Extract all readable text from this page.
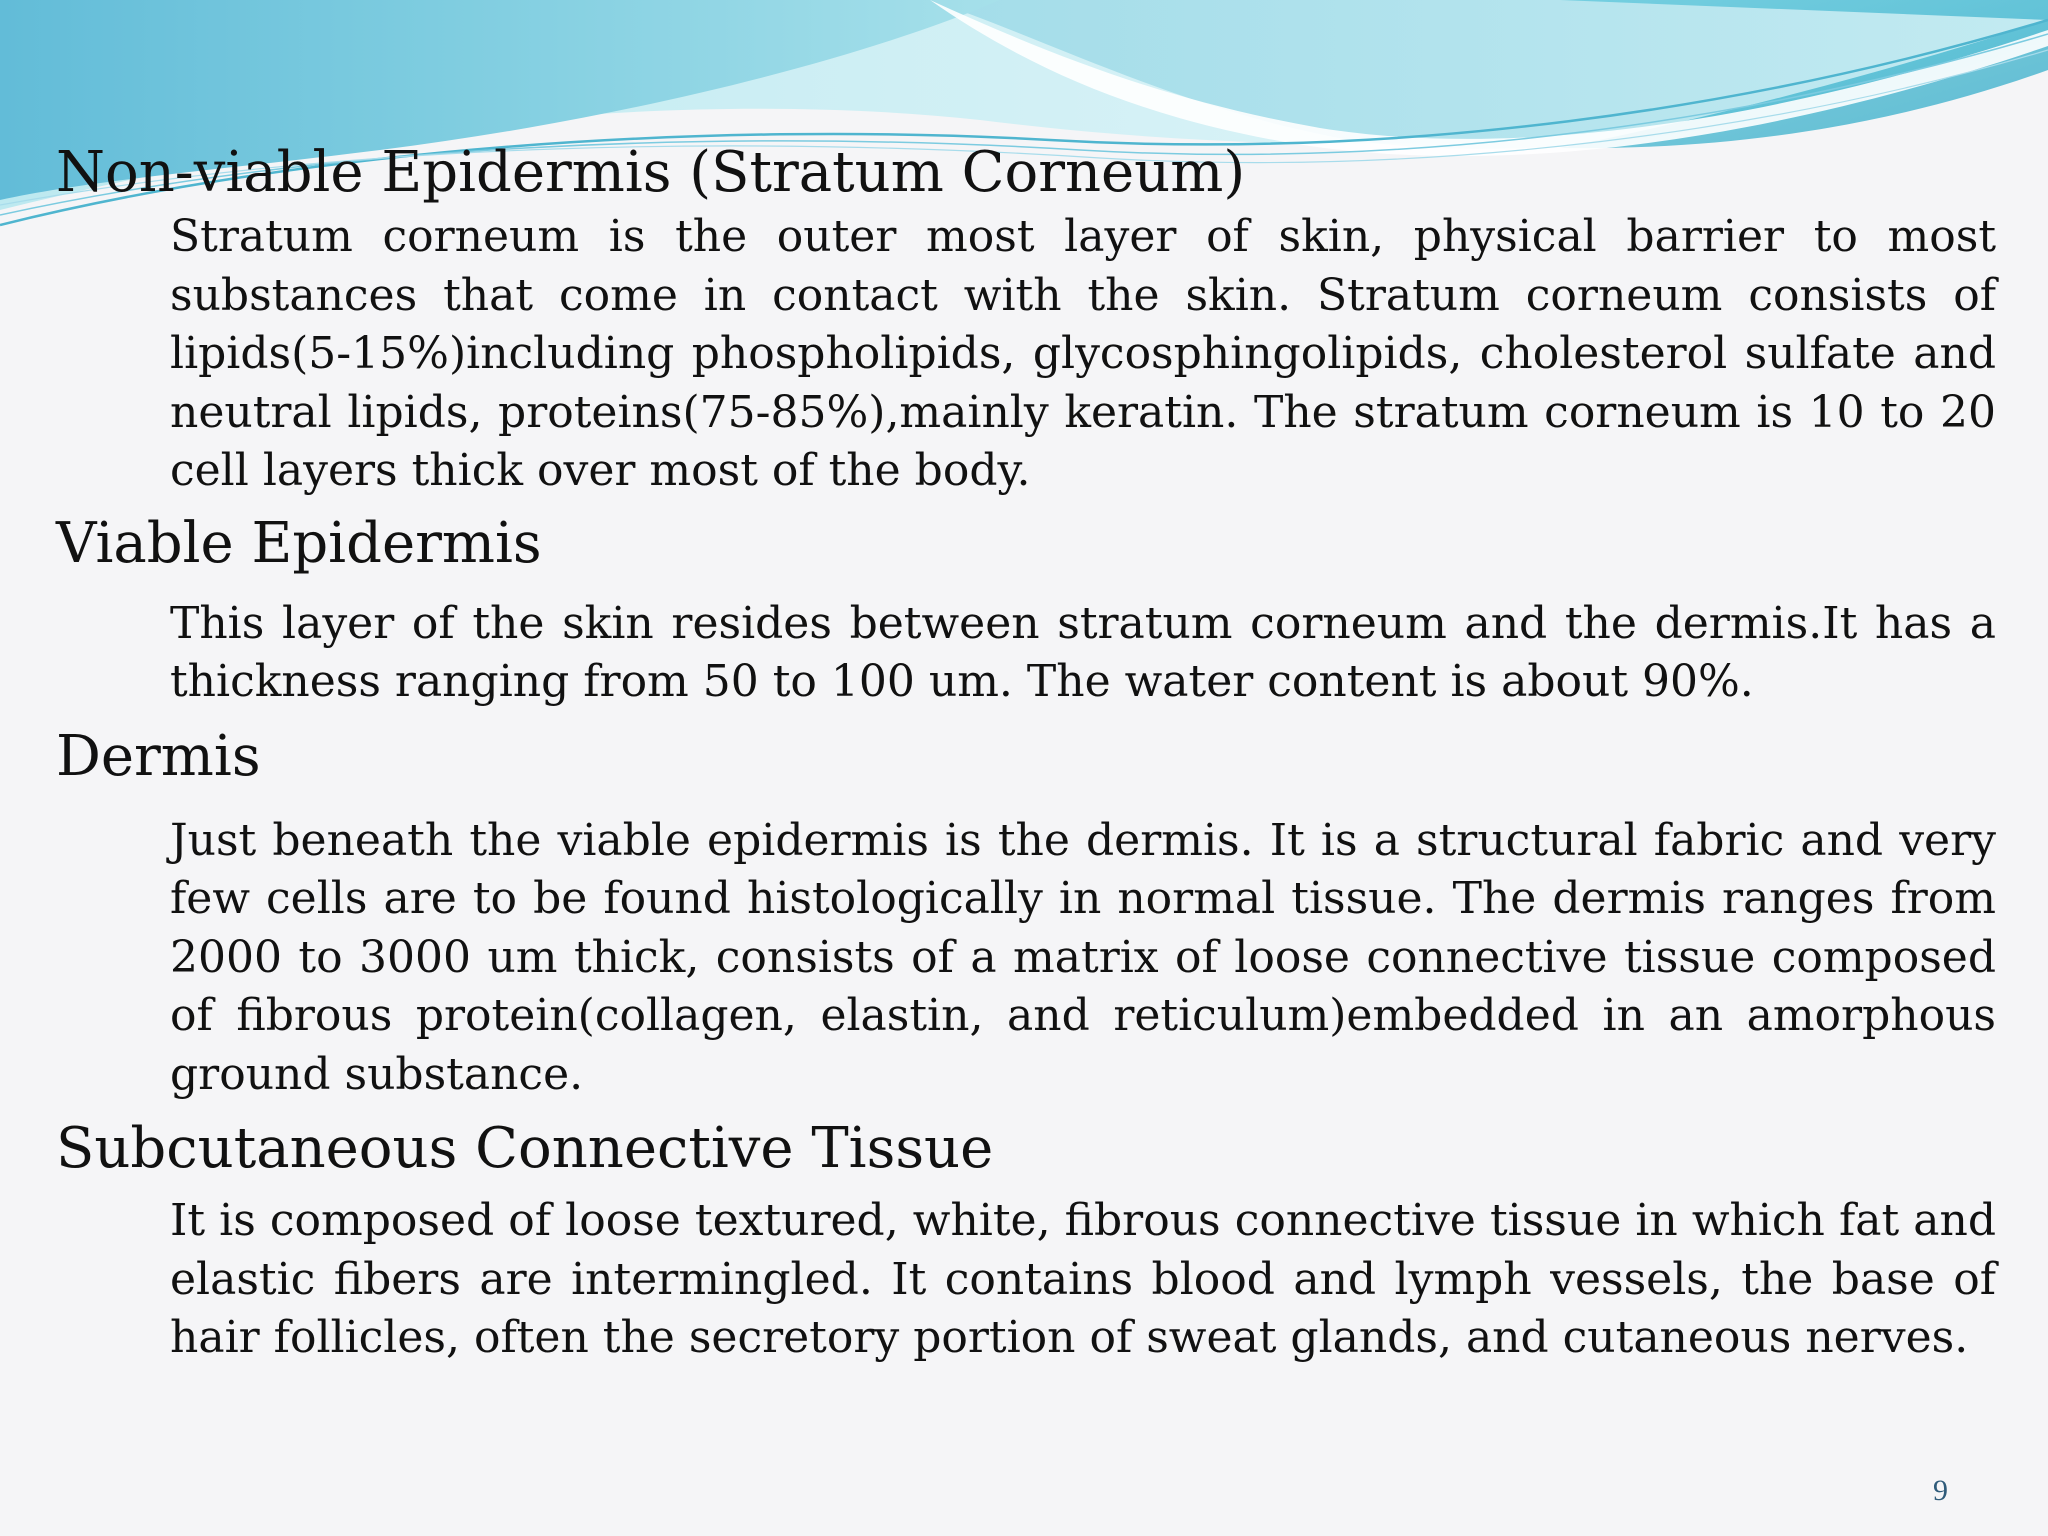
Non-viable Epidermis (Stratum Corneum)

Stratum corneum is the outer most layer of skin, physical barrier to most substances that come in contact with the skin. Stratum corneum consists of lipids(5-15%)including phospholipids, glycosphingolipids, cholesterol sulfate and neutral lipids, proteins(75-85%),mainly keratin. The stratum corneum is 10 to 20 cell layers thick over most of the body.

Viable Epidermis

This layer of the skin resides between stratum corneum and the dermis.It has a thickness ranging from 50 to 100 um. The water content is about 90%.

Dermis

Just beneath the viable epidermis is the dermis. It is a structural fabric and very few cells are to be found histologically in normal tissue. The dermis ranges from 2000 to 3000 um thick, consists of a matrix of loose connective tissue composed of fibrous protein(collagen, elastin, and reticulum)embedded in an amorphous ground substance.

Subcutaneous Connective Tissue

It is composed of loose textured, white, fibrous connective tissue in which fat and elastic fibers are intermingled. It contains blood and lymph vessels, the base of hair follicles, often the secretory portion of sweat glands, and cutaneous nerves.

9
